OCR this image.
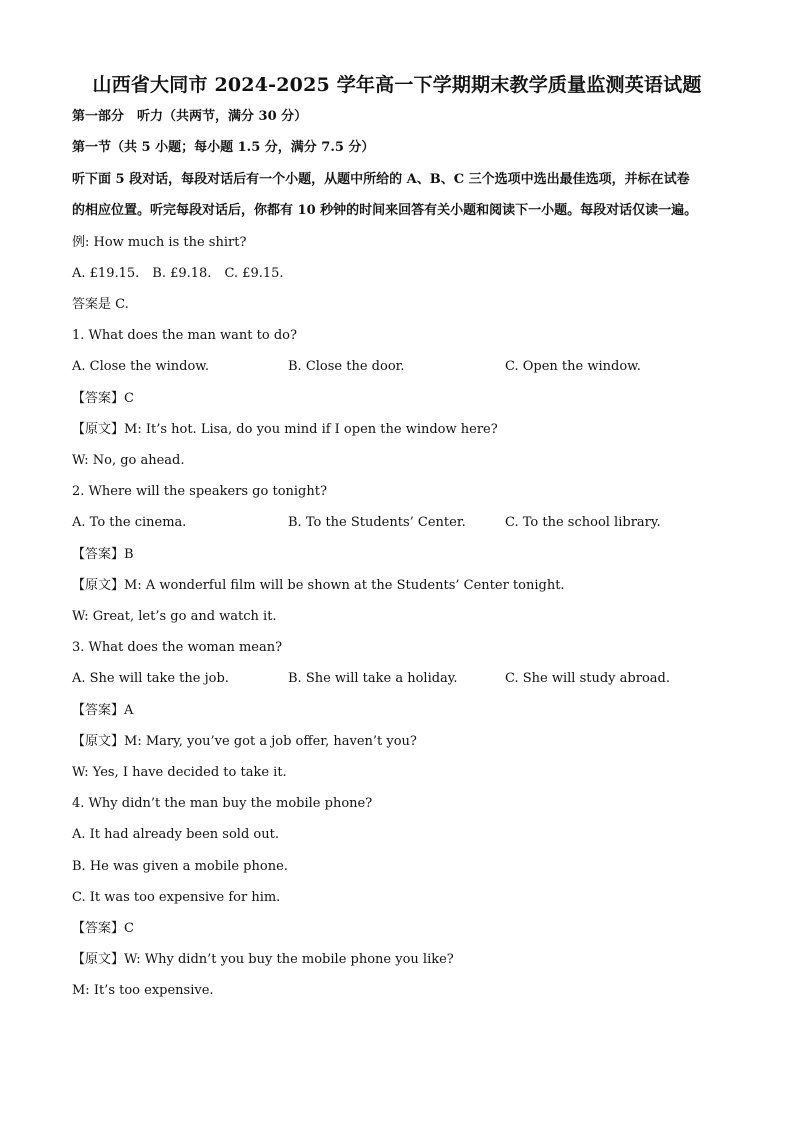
山西省大同市 2024-2025 学年高一下学期期末教学质量监测英语试题
第一部分　听力（共两节，满分 30 分）
第一节（共 5 小题；每小题 1.5 分，满分 7.5 分）
听下面 5 段对话，每段对话后有一个小题，从题中所给的 A、B、C 三个选项中选出最佳选项，并标在试卷
的相应位置。听完每段对话后，你都有 10 秒钟的时间来回答有关小题和阅读下一小题。每段对话仅读一遍。
例: How much is the shirt?
A. £19.15.　B. £9.18.　C. £9.15.
答案是 C.
1. What does the man want to do?
A. Close the window.	B. Close the door.	C. Open the window.
【答案】C
【原文】M: It’s hot. Lisa, do you mind if I open the window here?
W: No, go ahead.
2. Where will the speakers go tonight?
A. To the cinema.	B. To the Students’ Center.	C. To the school library.
【答案】B
【原文】M: A wonderful film will be shown at the Students’ Center tonight.
W: Great, let’s go and watch it.
3. What does the woman mean?
A. She will take the job.	B. She will take a holiday.	C. She will study abroad.
【答案】A
【原文】M: Mary, you’ve got a job offer, haven’t you?
W: Yes, I have decided to take it.
4. Why didn’t the man buy the mobile phone?
A. It had already been sold out.
B. He was given a mobile phone.
C. It was too expensive for him.
【答案】C
【原文】W: Why didn’t you buy the mobile phone you like?
M: It’s too expensive.
